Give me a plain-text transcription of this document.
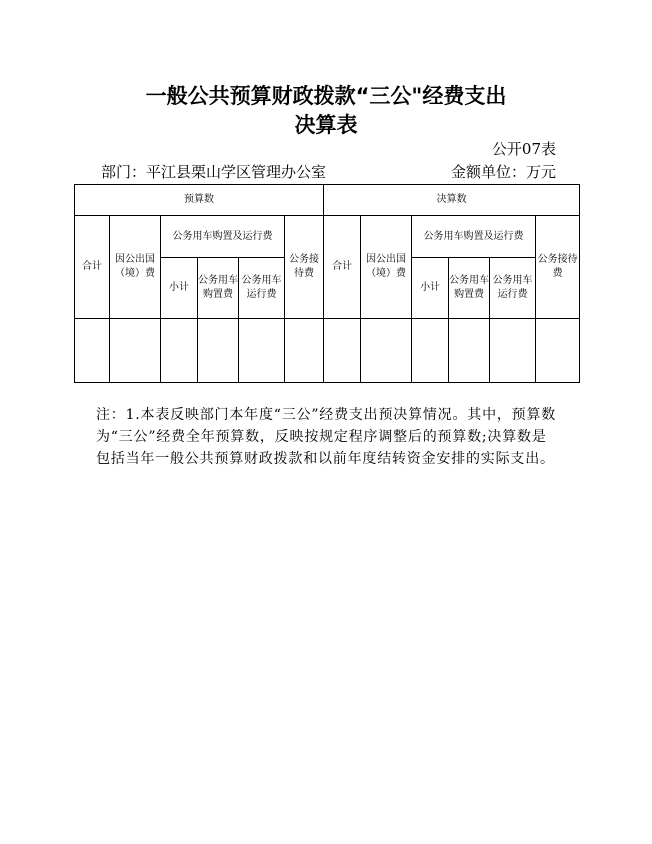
一般公共预算财政拨款“三公"经费支出
决算表
公开07表
部门：平江县栗山学区管理办公室	金额单位：万元
预算数						决算数					
合计	因公出国（境）费	公务用车购置及运行费			公务接待费	合计	因公出国（境）费	公务用车购置及运行费			公务接待费
		小计	公务用车购置费	公务用车运行费				小计	公务用车购置费	公务用车运行费	

注：1.本表反映部门本年度“三公”经费支出预决算情况。其中，预算数为“三公”经费全年预算数，反映按规定程序调整后的预算数;决算数是包括当年一般公共预算财政拨款和以前年度结转资金安排的实际支出。
